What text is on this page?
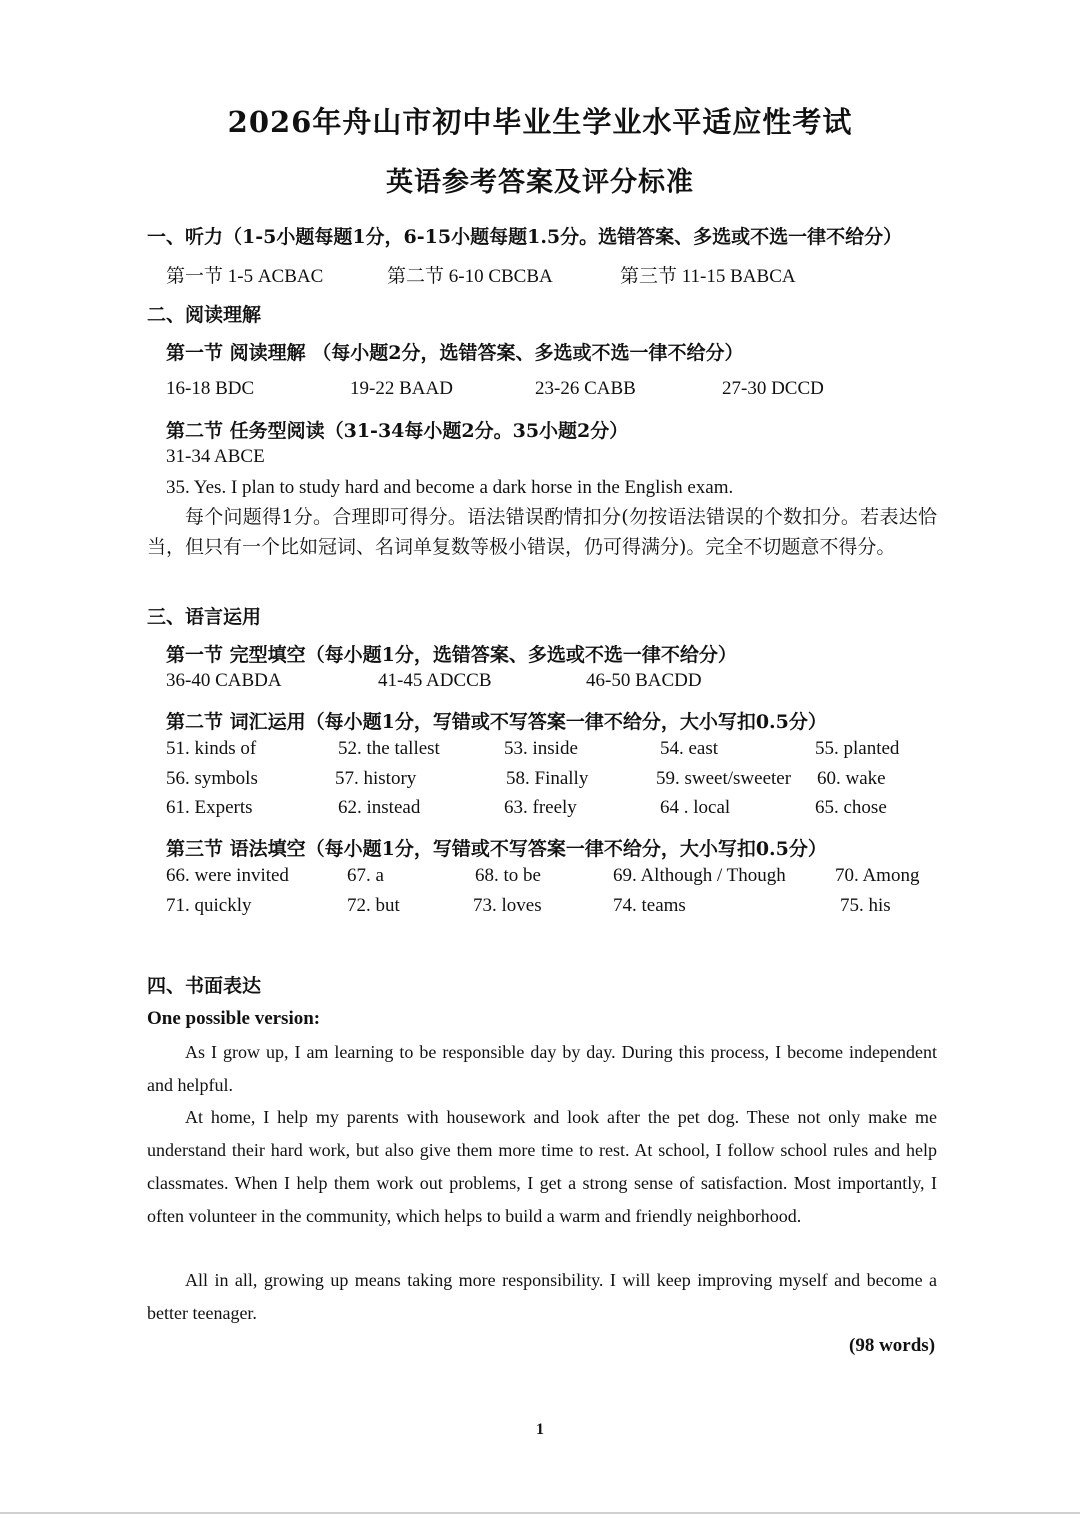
2026年舟山市初中毕业生学业水平适应性考试
英语参考答案及评分标准
一、听力（1-5小题每题1分，6-15小题每题1.5分。选错答案、多选或不选一律不给分）
第一节 1-5 ACBAC	第二节 6-10 CBCBA	第三节 11-15 BABCA
二、阅读理解
第一节 阅读理解 （每小题2分，选错答案、多选或不选一律不给分）
16-18 BDC	19-22 BAAD	23-26 CABB	27-30 DCCD
第二节 任务型阅读（31-34每小题2分。35小题2分）
31-34 ABCE
35. Yes. I plan to study hard and become a dark horse in the English exam.
每个问题得1分。合理即可得分。语法错误酌情扣分(勿按语法错误的个数扣分。若表达恰当，但只有一个比如冠词、名词单复数等极小错误，仍可得满分)。完全不切题意不得分。
三、语言运用
第一节 完型填空（每小题1分，选错答案、多选或不选一律不给分）
36-40 CABDA	41-45 ADCCB	46-50 BACDD
第二节 词汇运用（每小题1分，写错或不写答案一律不给分，大小写扣0.5分）
51. kinds of	52. the tallest	53. inside	54. east	55. planted
56. symbols	57. history	58. Finally	59. sweet/sweeter 60. wake
61. Experts	62. instead	63. freely	64 . local	65. chose
第三节 语法填空（每小题1分，写错或不写答案一律不给分，大小写扣0.5分）
66. were invited	67. a	68. to be	69. Although / Though	70. Among
71. quickly	72. but	73. loves	74. teams	75. his
四、书面表达
One possible version:
As I grow up, I am learning to be responsible day by day. During this process, I become independent and helpful.
At home, I help my parents with housework and look after the pet dog. These not only make me understand their hard work, but also give them more time to rest. At school, I follow school rules and help classmates. When I help them work out problems, I get a strong sense of satisfaction. Most importantly, I often volunteer in the community, which helps to build a warm and friendly neighborhood.
All in all, growing up means taking more responsibility. I will keep improving myself and become a better teenager.
(98 words)
1
